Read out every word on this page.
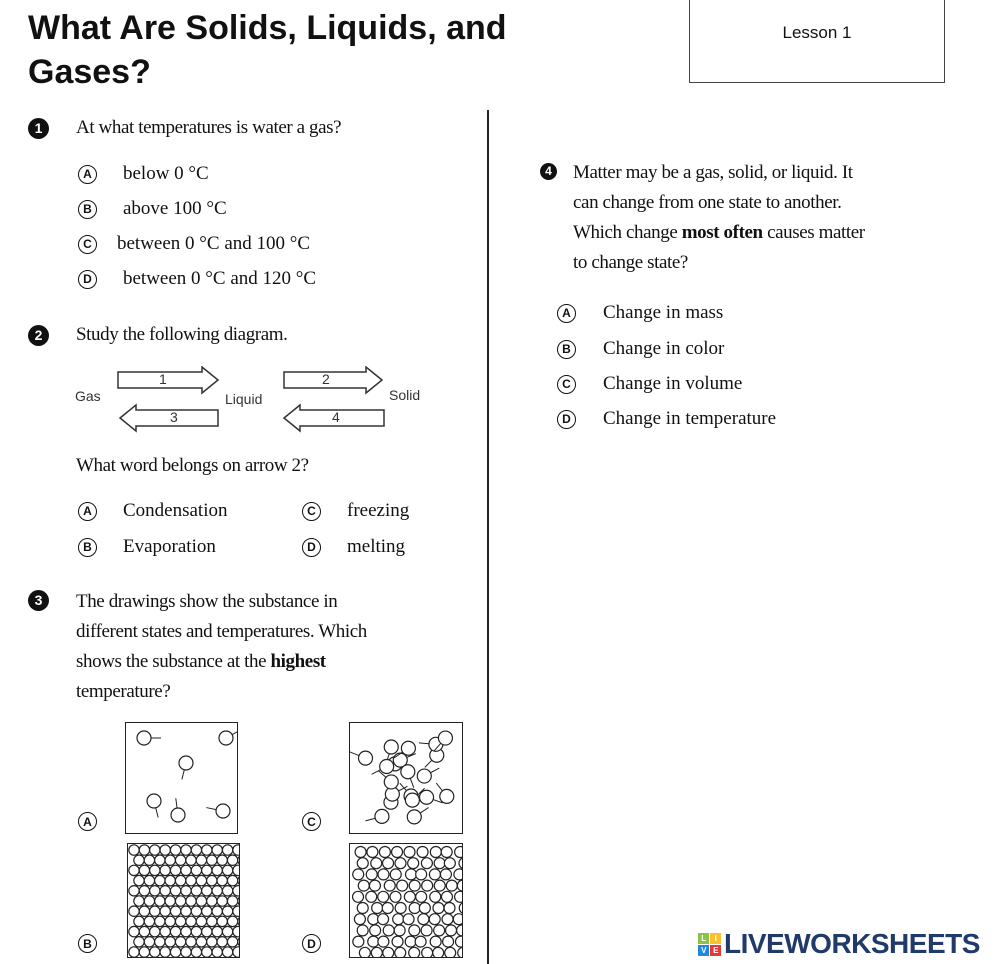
What Are Solids, Liquids, and Gases?
Lesson 1
1	At what temperatures is water a gas?
A below 0 °C
B above 100 °C
C between 0 °C and 100 °C
D between 0 °C and 120 °C
2	Study the following diagram.
Gas	Liquid	Solid
1	2
3	4
What word belongs on arrow 2?
A Condensation
B Evaporation
C freezing
D melting
3	The drawings show the substance in
different states and temperatures. Which
shows the substance at the highest
temperature?
A
B
C
D
4 Matter may be a gas, solid, or liquid. It
can change from one state to another.
Which change most often causes matter
to change state?
A Change in mass
B Change in color
C Change in volume
D Change in temperature
L	I
V E LIVEWORKSHEETS
